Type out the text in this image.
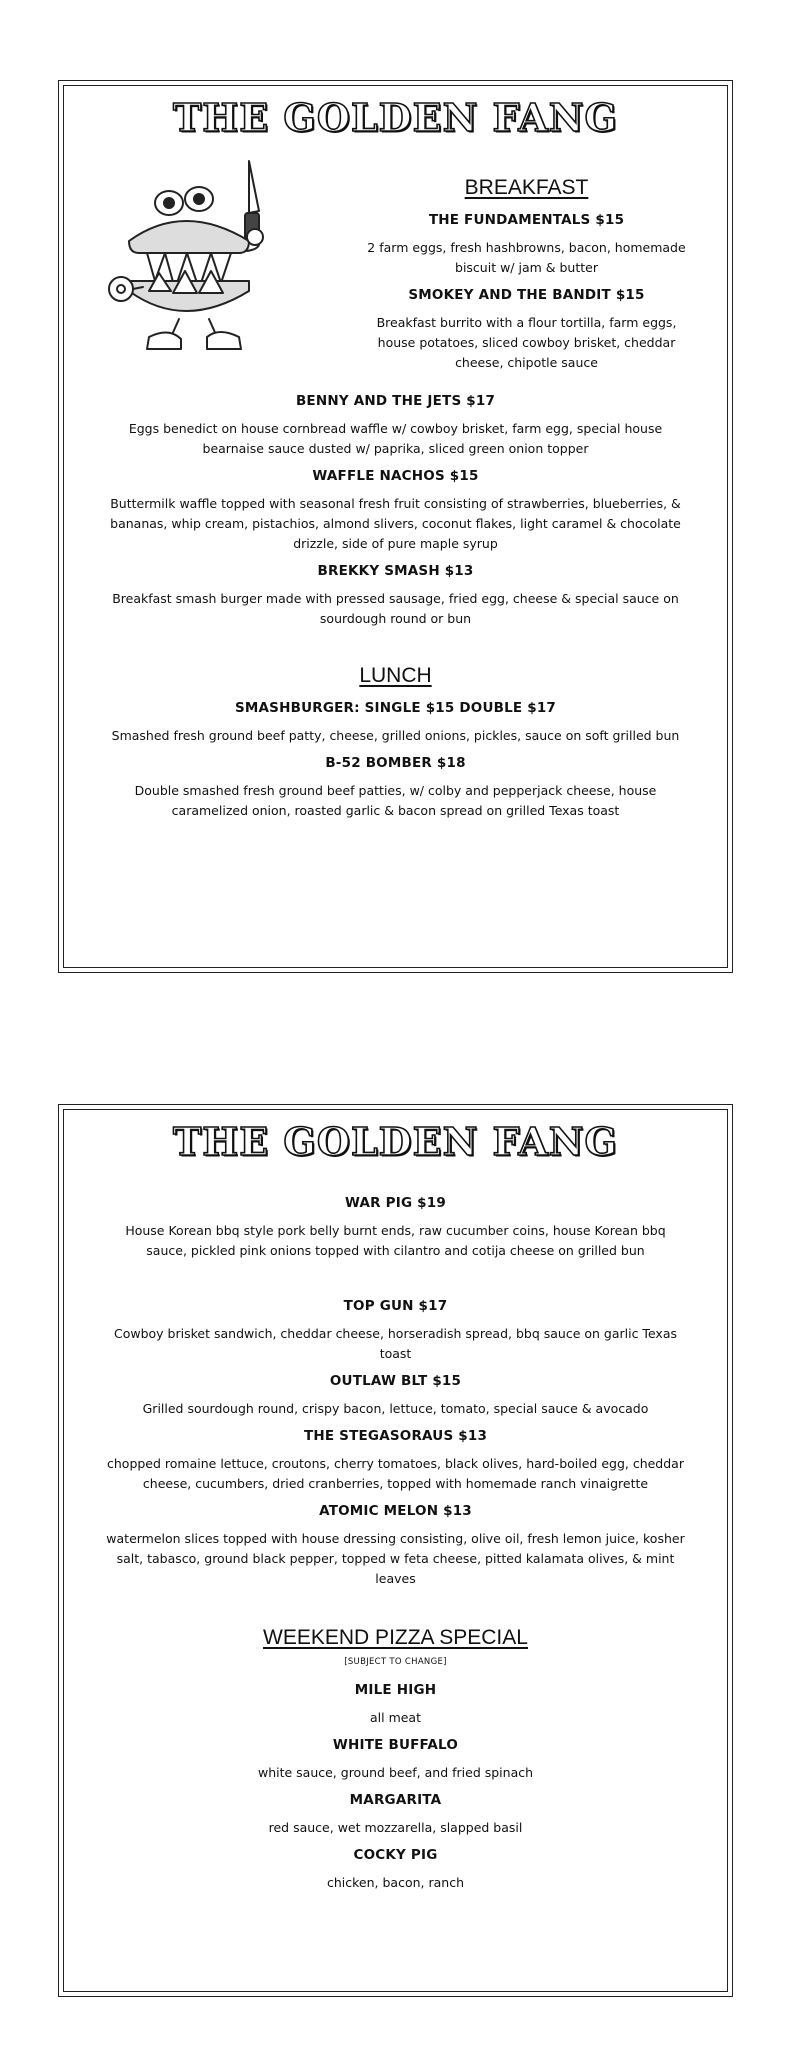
THE GOLDEN FANG
BREAKFAST
THE FUNDAMENTALS $15
2 farm eggs, fresh hashbrowns, bacon, homemade biscuit w/ jam & butter
SMOKEY AND THE BANDIT $15
Breakfast burrito with a flour tortilla, farm eggs, house potatoes, sliced cowboy brisket, cheddar cheese, chipotle sauce
BENNY AND THE JETS $17
Eggs benedict on house cornbread waffle w/ cowboy brisket, farm egg, special house bearnaise sauce dusted w/ paprika, sliced green onion topper
WAFFLE NACHOS $15
Buttermilk waffle topped with seasonal fresh fruit consisting of strawberries, blueberries, & bananas, whip cream, pistachios, almond slivers, coconut flakes, light caramel & chocolate drizzle, side of pure maple syrup
BREKKY SMASH $13
Breakfast smash burger made with pressed sausage, fried egg, cheese & special sauce on sourdough round or bun
LUNCH
SMASHBURGER: SINGLE $15 DOUBLE $17
Smashed fresh ground beef patty, cheese, grilled onions, pickles, sauce on soft grilled bun
B-52 BOMBER $18
Double smashed fresh ground beef patties, w/ colby and pepperjack cheese, house caramelized onion, roasted garlic & bacon spread on grilled Texas toast
THE GOLDEN FANG
WAR PIG $19
House Korean bbq style pork belly burnt ends, raw cucumber coins, house Korean bbq sauce, pickled pink onions topped with cilantro and cotija cheese on grilled bun
TOP GUN $17
Cowboy brisket sandwich, cheddar cheese, horseradish spread, bbq sauce on garlic Texas toast
OUTLAW BLT $15
Grilled sourdough round, crispy bacon, lettuce, tomato, special sauce & avocado
THE STEGASORAUS $13
chopped romaine lettuce, croutons, cherry tomatoes, black olives, hard-boiled egg, cheddar cheese, cucumbers, dried cranberries, topped with homemade ranch vinaigrette
ATOMIC MELON $13
watermelon slices topped with house dressing consisting, olive oil, fresh lemon juice, kosher salt, tabasco, ground black pepper, topped w feta cheese, pitted kalamata olives, & mint leaves
WEEKEND PIZZA SPECIAL
[SUBJECT TO CHANGE]
MILE HIGH
all meat
WHITE BUFFALO
white sauce, ground beef, and fried spinach
MARGARITA
red sauce, wet mozzarella, slapped basil
COCKY PIG
chicken, bacon, ranch
